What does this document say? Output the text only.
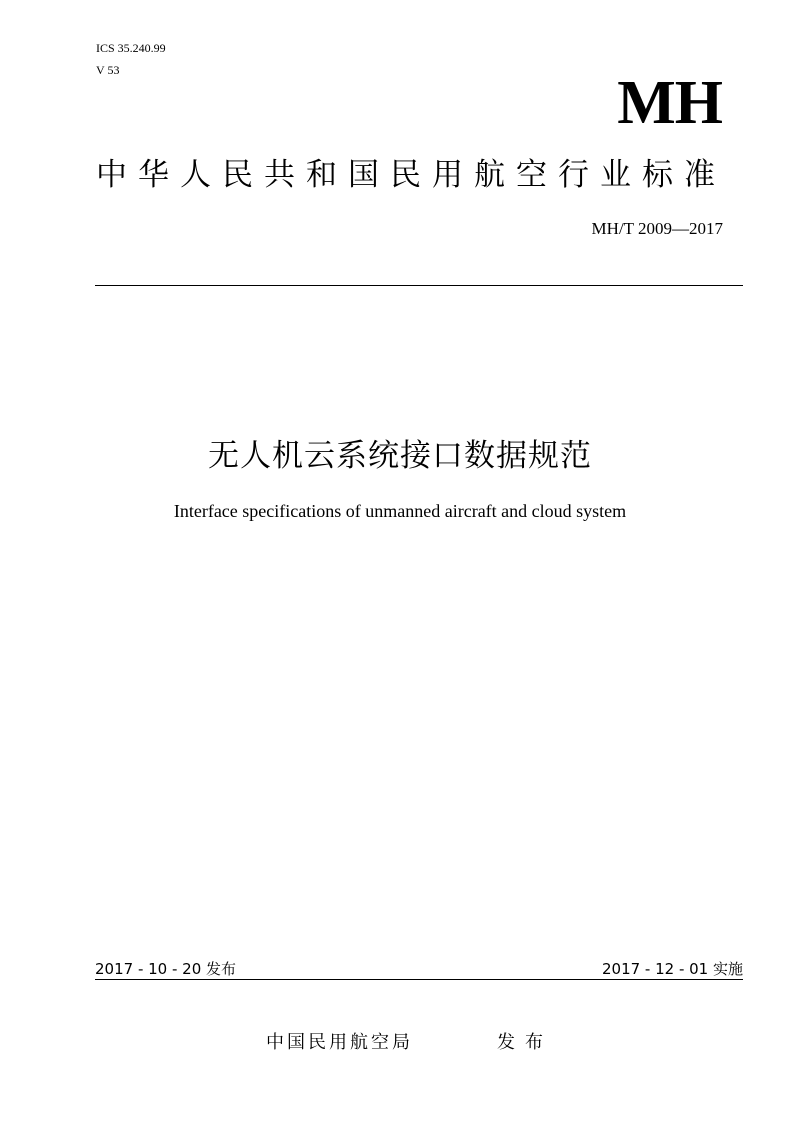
ICS 35.240.99
V 53	MH
中华人民共和国民用航空行业标准
MH/T 2009—2017
无人机云系统接口数据规范
Interface specifications of unmanned aircraft and cloud system
2017 - 10 - 20 发布	2017 - 12 - 01 实施
中国民用航空局	发布
